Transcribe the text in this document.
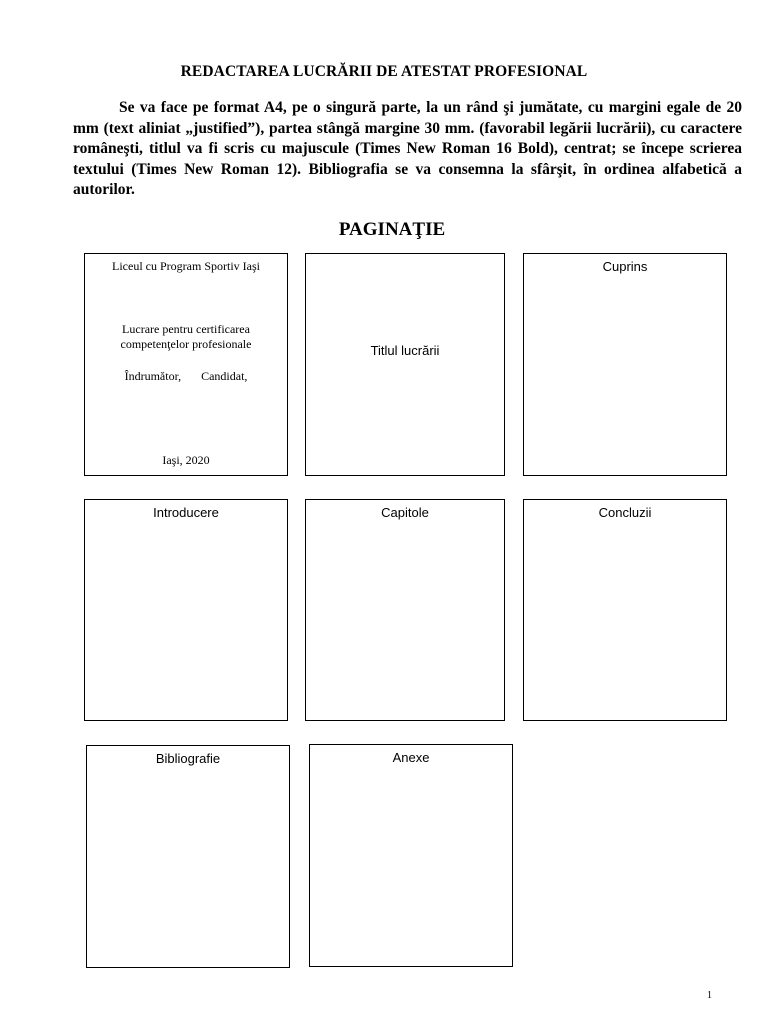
REDACTAREA LUCRĂRII DE ATESTAT PROFESIONAL

Se va face pe format A4, pe o singură parte, la un rând şi jumătate, cu margini egale de 20 mm (text aliniat „justified”), partea stângă margine 30 mm. (favorabil legării lucrării), cu caractere româneşti, titlul va fi scris cu majuscule (Times New Roman 16 Bold), centrat; se începe scrierea textului (Times New Roman 12). Bibliografia se va consemna la sfârşit, în ordinea alfabetică a autorilor.

PAGINAŢIE
Liceul cu Program Sportiv Iaşi
Lucrare pentru certificarea
competenţelor profesionale
Îndrumător, Candidat,
Iaşi, 2020
Titlul lucrării
Cuprins
Introducere	Capitole	Concluzii
Bibliografie	Anexe
1
